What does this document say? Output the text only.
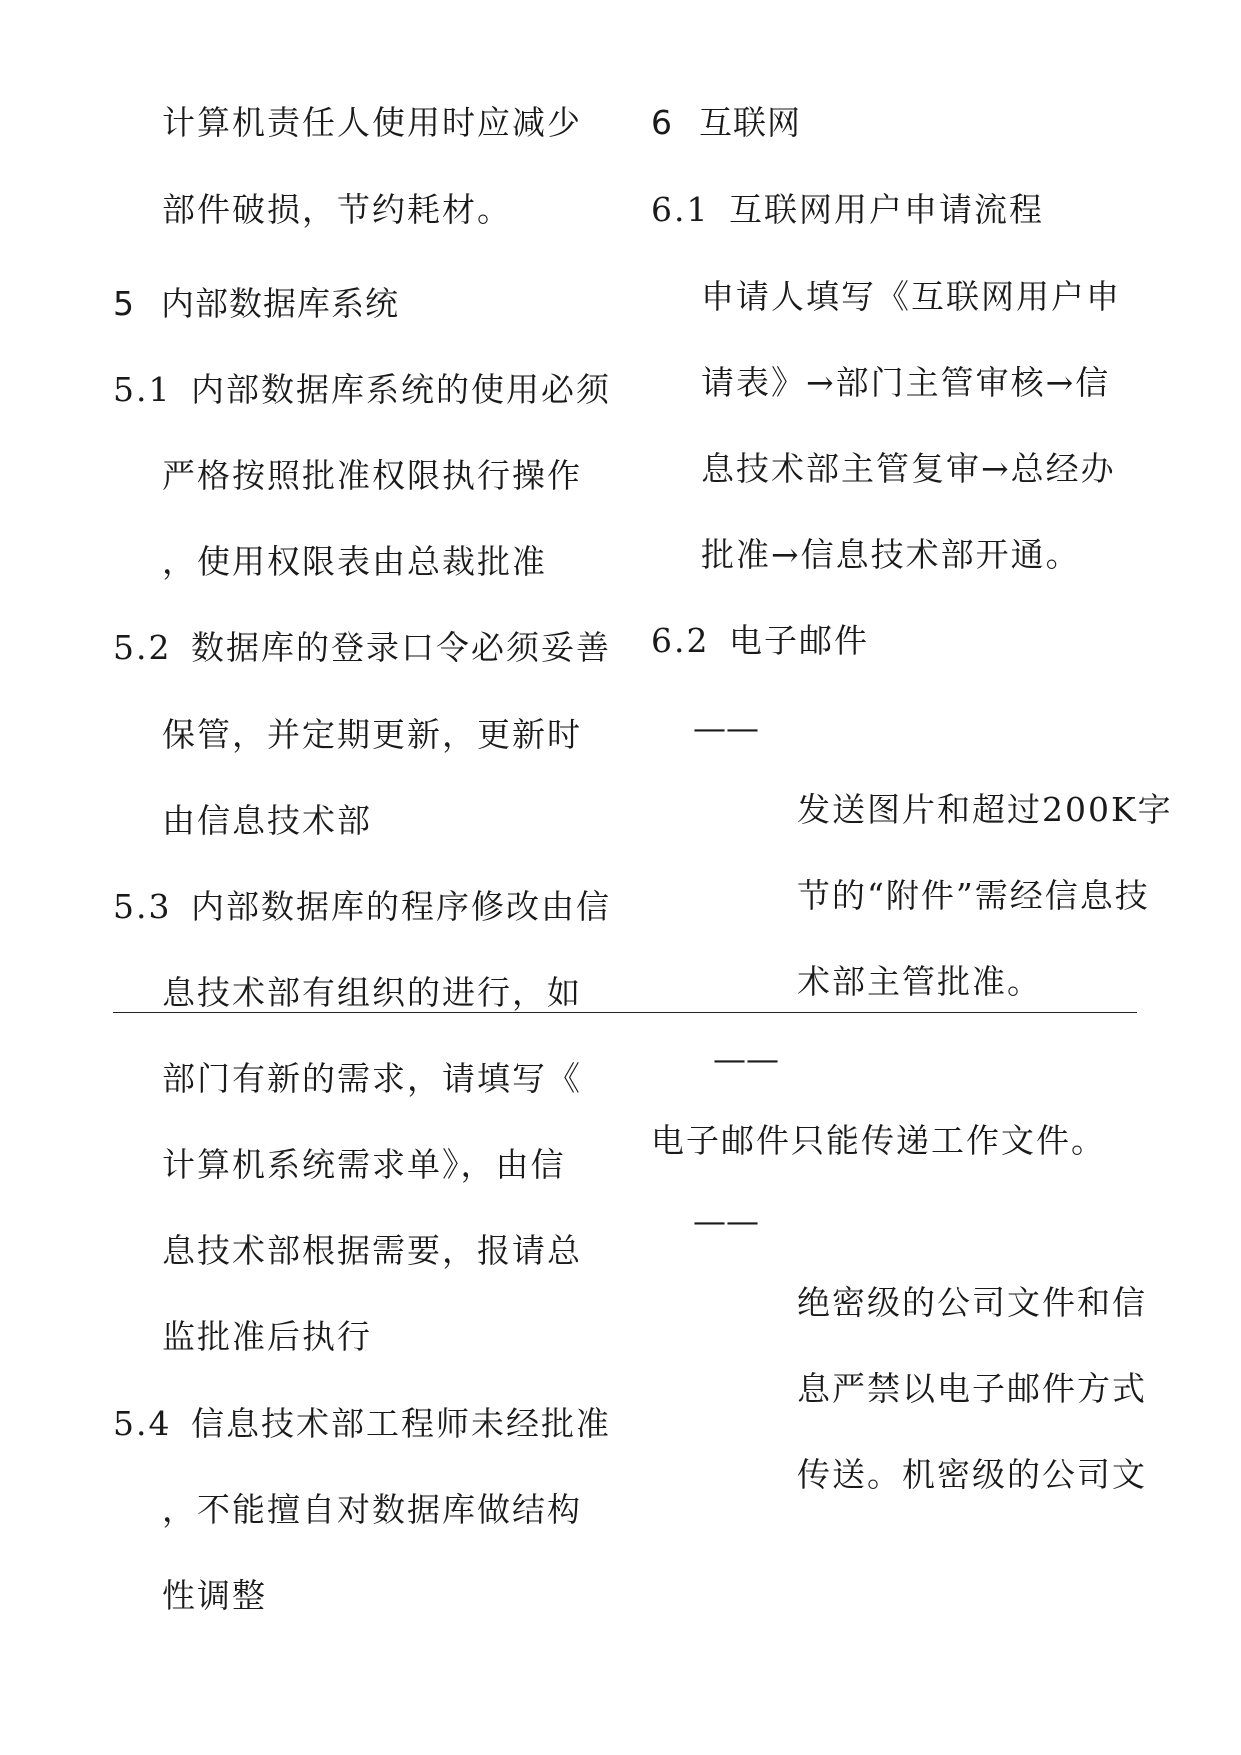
计算机责任人使用时应减少
部件破损，节约耗材。
5 内部数据库系统
5.1 内部数据库系统的使用必须
严格按照批准权限执行操作
，使用权限表由总裁批准
5.2 数据库的登录口令必须妥善
保管，并定期更新，更新时
由信息技术部
5.3 内部数据库的程序修改由信
息技术部有组织的进行，如
部门有新的需求，请填写《
计算机系统需求单》，由信
息技术部根据需要，报请总
监批准后执行
5.4 信息技术部工程师未经批准
，不能擅自对数据库做结构
性调整
6 互联网
6.1 互联网用户申请流程
申请人填写《互联网用户申
请表》→部门主管审核→信
息技术部主管复审→总经办
批准→信息技术部开通。
6.2 电子邮件
——
发送图片和超过200K字
节的“附件”需经信息技
术部主管批准。
——
电子邮件只能传递工作文件。
——
绝密级的公司文件和信
息严禁以电子邮件方式
传送。机密级的公司文
